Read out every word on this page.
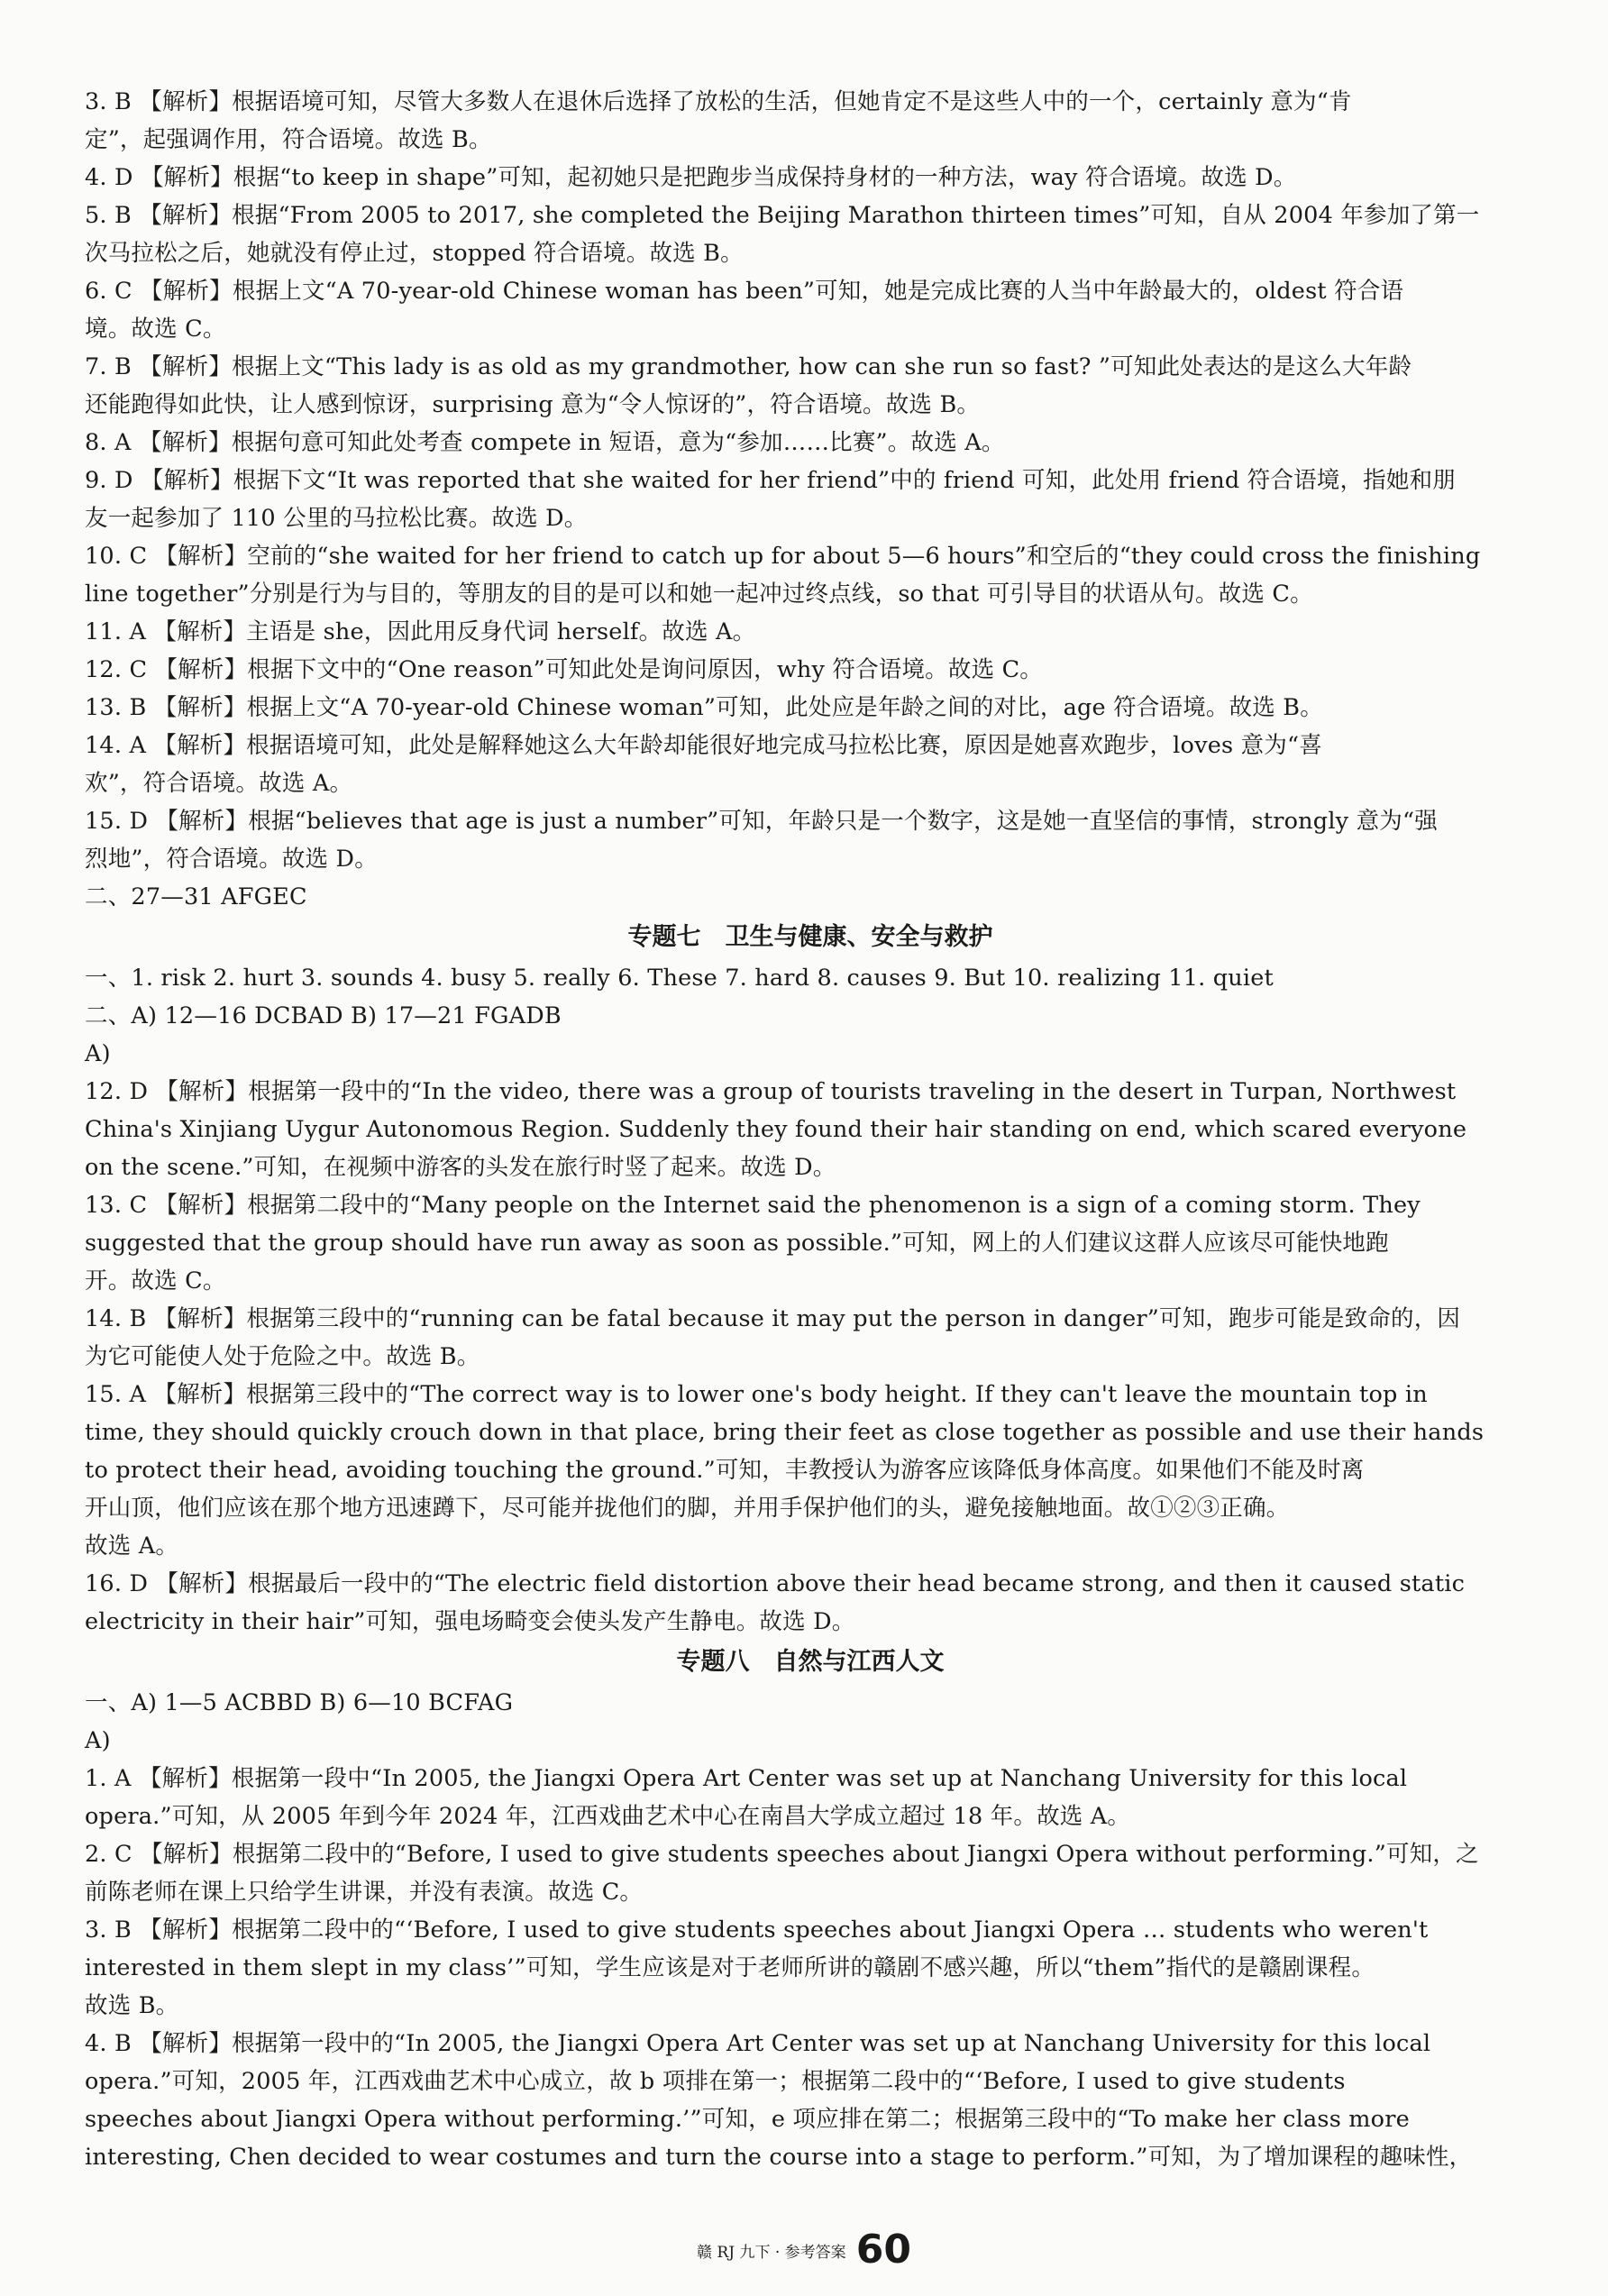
3. B 【解析】根据语境可知，尽管大多数人在退休后选择了放松的生活，但她肯定不是这些人中的一个，certainly 意为“肯
定”，起强调作用，符合语境。故选 B。
4. D 【解析】根据“to keep in shape”可知，起初她只是把跑步当成保持身材的一种方法，way 符合语境。故选 D。
5. B 【解析】根据“From 2005 to 2017, she completed the Beijing Marathon thirteen times”可知，自从 2004 年参加了第一
次马拉松之后，她就没有停止过，stopped 符合语境。故选 B。
6. C 【解析】根据上文“A 70-year-old Chinese woman has been”可知，她是完成比赛的人当中年龄最大的，oldest 符合语
境。故选 C。
7. B 【解析】根据上文“This lady is as old as my grandmother, how can she run so fast? ”可知此处表达的是这么大年龄
还能跑得如此快，让人感到惊讶，surprising 意为“令人惊讶的”，符合语境。故选 B。
8. A 【解析】根据句意可知此处考查 compete in 短语，意为“参加……比赛”。故选 A。
9. D 【解析】根据下文“It was reported that she waited for her friend”中的 friend 可知，此处用 friend 符合语境，指她和朋
友一起参加了 110 公里的马拉松比赛。故选 D。
10. C 【解析】空前的“she waited for her friend to catch up for about 5—6 hours”和空后的“they could cross the finishing
line together”分别是行为与目的，等朋友的目的是可以和她一起冲过终点线，so that 可引导目的状语从句。故选 C。
11. A 【解析】主语是 she，因此用反身代词 herself。故选 A。
12. C 【解析】根据下文中的“One reason”可知此处是询问原因，why 符合语境。故选 C。
13. B 【解析】根据上文“A 70-year-old Chinese woman”可知，此处应是年龄之间的对比，age 符合语境。故选 B。
14. A 【解析】根据语境可知，此处是解释她这么大年龄却能很好地完成马拉松比赛，原因是她喜欢跑步，loves 意为“喜
欢”，符合语境。故选 A。
15. D 【解析】根据“believes that age is just a number”可知，年龄只是一个数字，这是她一直坚信的事情，strongly 意为“强
烈地”，符合语境。故选 D。
二、27—31 AFGEC
专题七　卫生与健康、安全与救护
一、1. risk 2. hurt 3. sounds 4. busy 5. really 6. These 7. hard 8. causes 9. But 10. realizing 11. quiet
二、A) 12—16 DCBAD B) 17—21 FGADB
A)
12. D 【解析】根据第一段中的“In the video, there was a group of tourists traveling in the desert in Turpan, Northwest
China's Xinjiang Uygur Autonomous Region. Suddenly they found their hair standing on end, which scared everyone
on the scene.”可知，在视频中游客的头发在旅行时竖了起来。故选 D。
13. C 【解析】根据第二段中的“Many people on the Internet said the phenomenon is a sign of a coming storm. They
suggested that the group should have run away as soon as possible.”可知，网上的人们建议这群人应该尽可能快地跑
开。故选 C。
14. B 【解析】根据第三段中的“running can be fatal because it may put the person in danger”可知，跑步可能是致命的，因
为它可能使人处于危险之中。故选 B。
15. A 【解析】根据第三段中的“The correct way is to lower one's body height. If they can't leave the mountain top in
time, they should quickly crouch down in that place, bring their feet as close together as possible and use their hands
to protect their head, avoiding touching the ground.”可知，丰教授认为游客应该降低身体高度。如果他们不能及时离
开山顶，他们应该在那个地方迅速蹲下，尽可能并拢他们的脚，并用手保护他们的头，避免接触地面。故①②③正确。
故选 A。
16. D 【解析】根据最后一段中的“The electric field distortion above their head became strong, and then it caused static
electricity in their hair”可知，强电场畸变会使头发产生静电。故选 D。
专题八　自然与江西人文
一、A) 1—5 ACBBD B) 6—10 BCFAG
A)
1. A 【解析】根据第一段中“In 2005, the Jiangxi Opera Art Center was set up at Nanchang University for this local
opera.”可知，从 2005 年到今年 2024 年，江西戏曲艺术中心在南昌大学成立超过 18 年。故选 A。
2. C 【解析】根据第二段中的“Before, I used to give students speeches about Jiangxi Opera without performing.”可知，之
前陈老师在课上只给学生讲课，并没有表演。故选 C。
3. B 【解析】根据第二段中的“‘Before, I used to give students speeches about Jiangxi Opera … students who weren't
interested in them slept in my class’”可知，学生应该是对于老师所讲的赣剧不感兴趣，所以“them”指代的是赣剧课程。
故选 B。
4. B 【解析】根据第一段中的“In 2005, the Jiangxi Opera Art Center was set up at Nanchang University for this local
opera.”可知，2005 年，江西戏曲艺术中心成立，故 b 项排在第一；根据第二段中的“‘Before, I used to give students
speeches about Jiangxi Opera without performing.’”可知，e 项应排在第二；根据第三段中的“To make her class more
interesting, Chen decided to wear costumes and turn the course into a stage to perform.”可知，为了增加课程的趣味性，
赣 RJ 九下 · 参考答案 60
